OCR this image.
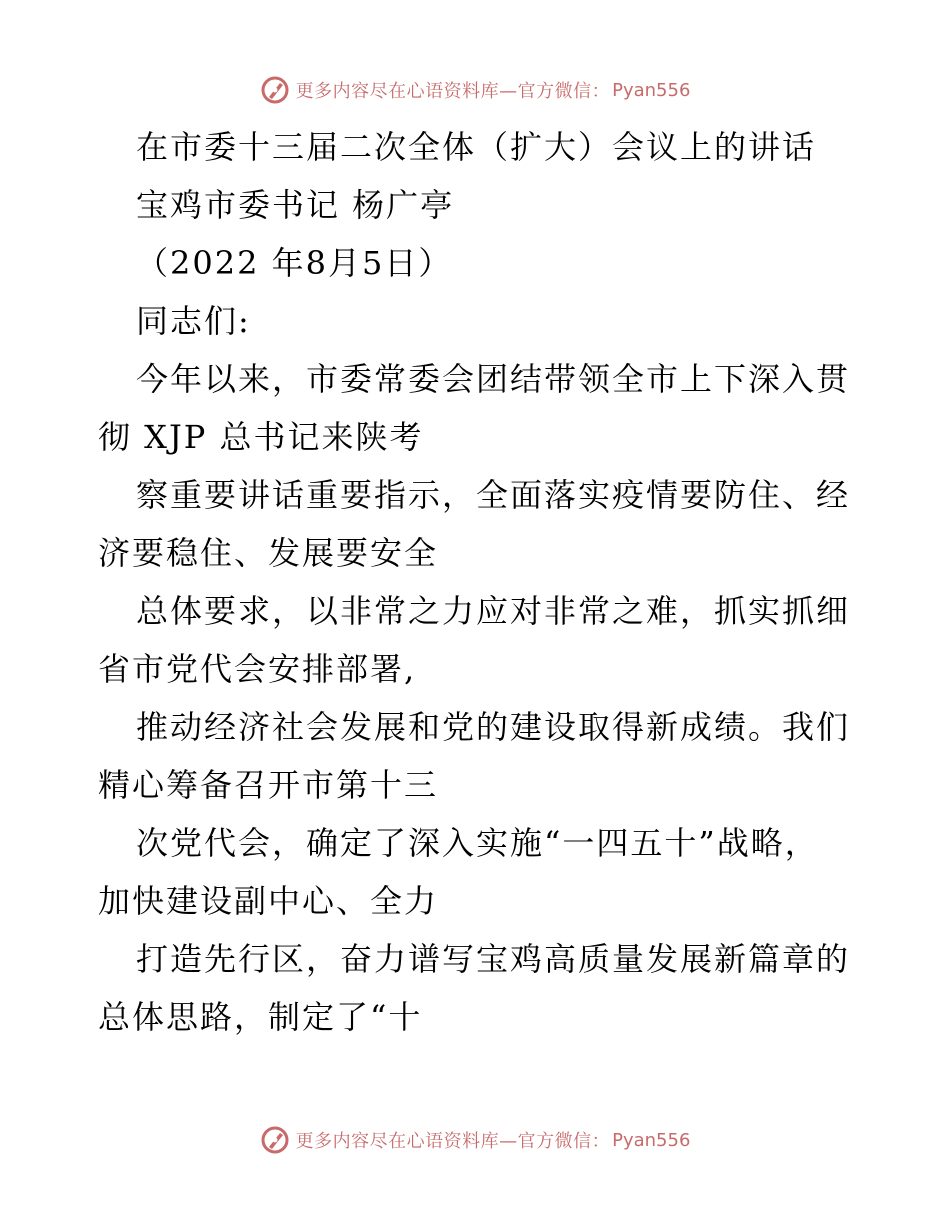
更多内容尽在心语资料库—官方微信： Pyan556
在市委十三届二次全体（扩大）会议上的讲话
宝鸡市委书记 杨广亭
（2022 年8月5日）
同志们:
今年以来，市委常委会团结带领全市上下深入贯
彻 XJP 总书记来陕考
察重要讲话重要指示，全面落实疫情要防住、经
济要稳住、发展要安全
总体要求，以非常之力应对非常之难，抓实抓细
省市党代会安排部署,
推动经济社会发展和党的建设取得新成绩。我们
精心筹备召开市第十三
次党代会，确定了深入实施“一四五十”战略，
加快建设副中心、全力
打造先行区，奋力谱写宝鸡高质量发展新篇章的
总体思路，制定了“十
更多内容尽在心语资料库—官方微信： Pyan556
